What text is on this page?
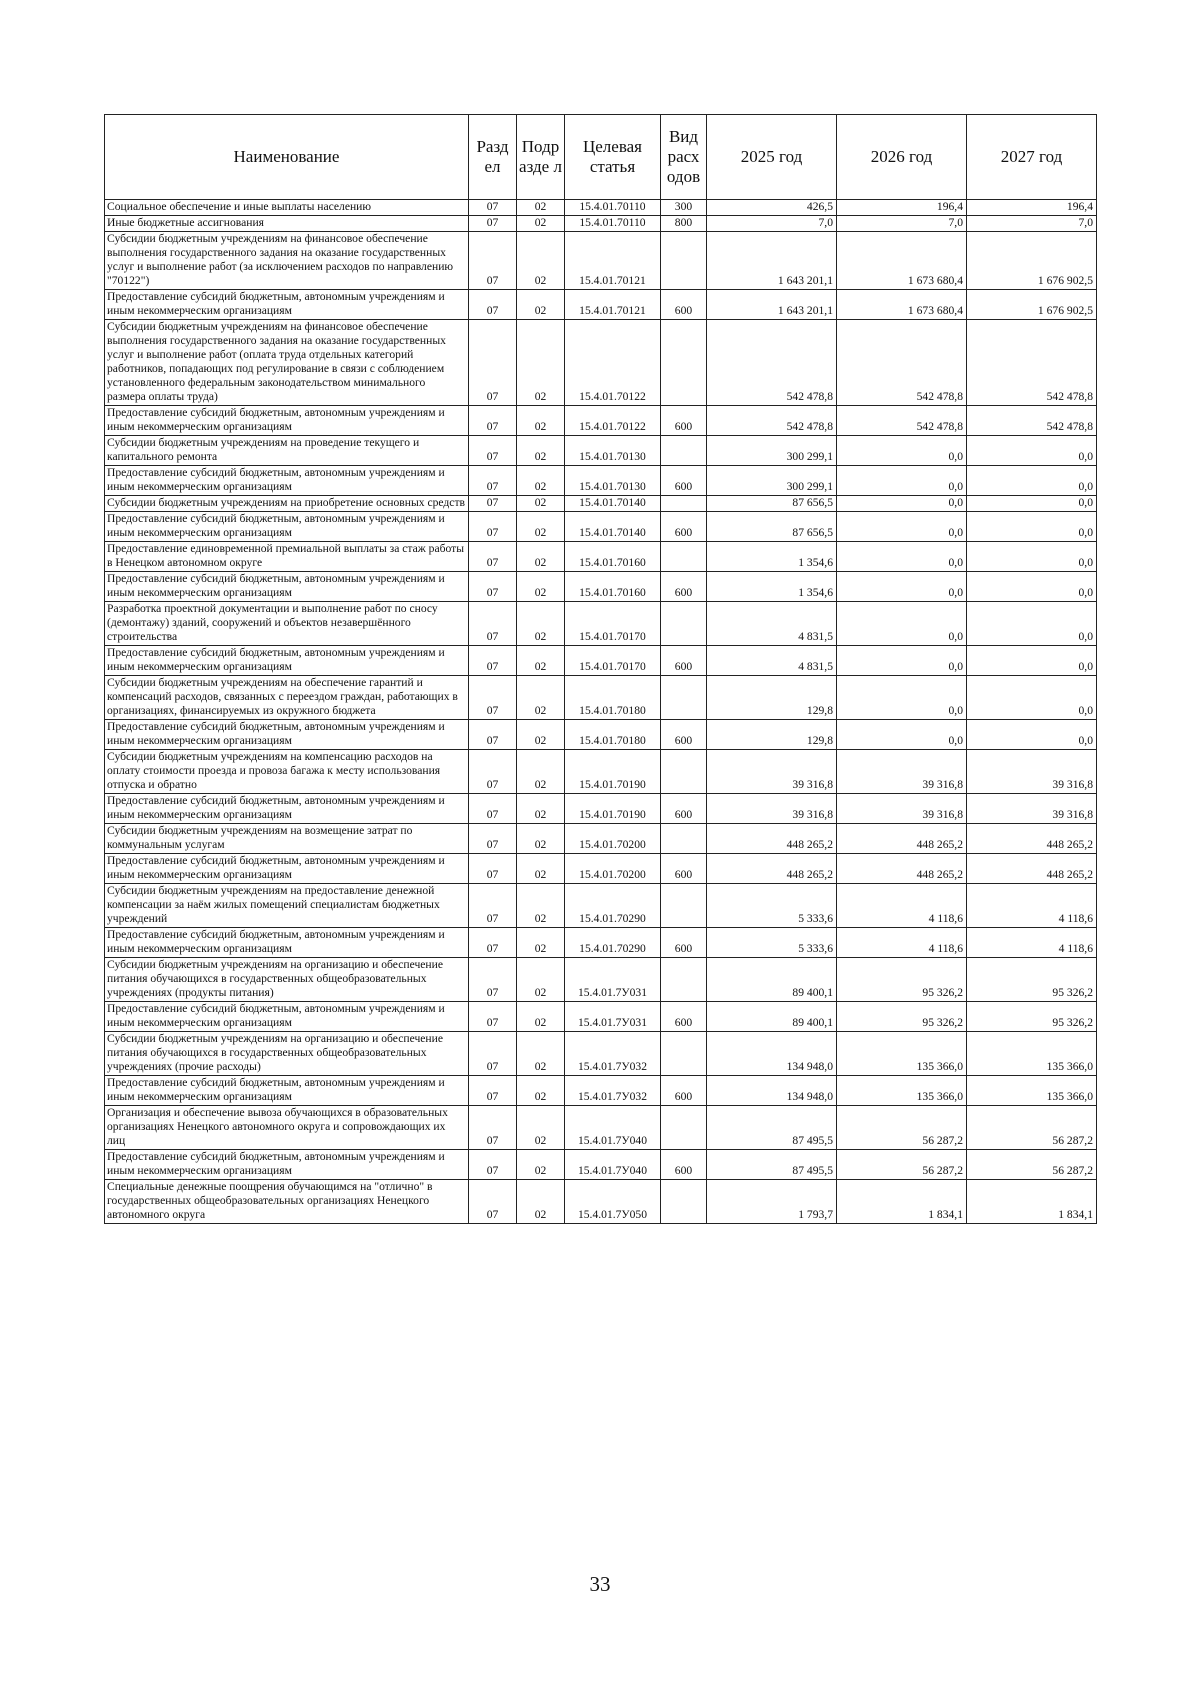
Наименование	Разд ел	Подр азде л	Целевая статья	Вид расх одов	2025 год	2026 год	2027 год
Социальное обеспечение и иные выплаты населению	07	02	15.4.01.70110	300	426,5	196,4	196,4
Иные бюджетные ассигнования	07	02	15.4.01.70110	800	7,0	7,0	7,0
Субсидии бюджетным учреждениям на финансовое обеспечение выполнения государственного задания на оказание государственных услуг и выполнение работ (за исключением расходов по направлению "70122")	07	02	15.4.01.70121		1 643 201,1	1 673 680,4	1 676 902,5
Предоставление субсидий бюджетным, автономным учреждениям и иным некоммерческим организациям	07	02	15.4.01.70121	600	1 643 201,1	1 673 680,4	1 676 902,5
Субсидии бюджетным учреждениям на финансовое обеспечение выполнения государственного задания на оказание государственных услуг и выполнение работ (оплата труда отдельных категорий работников, попадающих под регулирование в связи с соблюдением установленного федеральным законодательством минимального размера оплаты труда)	07	02	15.4.01.70122		542 478,8	542 478,8	542 478,8
Предоставление субсидий бюджетным, автономным учреждениям и иным некоммерческим организациям	07	02	15.4.01.70122	600	542 478,8	542 478,8	542 478,8
Субсидии бюджетным учреждениям на проведение текущего и капитального ремонта	07	02	15.4.01.70130		300 299,1	0,0	0,0
Предоставление субсидий бюджетным, автономным учреждениям и иным некоммерческим организациям	07	02	15.4.01.70130	600	300 299,1	0,0	0,0
Субсидии бюджетным учреждениям на приобретение основных средств	07	02	15.4.01.70140		87 656,5	0,0	0,0
Предоставление субсидий бюджетным, автономным учреждениям и иным некоммерческим организациям	07	02	15.4.01.70140	600	87 656,5	0,0	0,0
Предоставление единовременной премиальной выплаты за стаж работы в Ненецком автономном округе	07	02	15.4.01.70160		1 354,6	0,0	0,0
Предоставление субсидий бюджетным, автономным учреждениям и иным некоммерческим организациям	07	02	15.4.01.70160	600	1 354,6	0,0	0,0
Разработка проектной документации и выполнение работ по сносу (демонтажу) зданий, сооружений и объектов незавершённого строительства	07	02	15.4.01.70170		4 831,5	0,0	0,0
Предоставление субсидий бюджетным, автономным учреждениям и иным некоммерческим организациям	07	02	15.4.01.70170	600	4 831,5	0,0	0,0
Субсидии бюджетным учреждениям на обеспечение гарантий и компенсаций расходов, связанных с переездом граждан, работающих в организациях, финансируемых из окружного бюджета	07	02	15.4.01.70180		129,8	0,0	0,0
Предоставление субсидий бюджетным, автономным учреждениям и иным некоммерческим организациям	07	02	15.4.01.70180	600	129,8	0,0	0,0
Субсидии бюджетным учреждениям на компенсацию расходов на оплату стоимости проезда и провоза багажа к месту использования отпуска и обратно	07	02	15.4.01.70190		39 316,8	39 316,8	39 316,8
Предоставление субсидий бюджетным, автономным учреждениям и иным некоммерческим организациям	07	02	15.4.01.70190	600	39 316,8	39 316,8	39 316,8
Субсидии бюджетным учреждениям на возмещение затрат по коммунальным услугам	07	02	15.4.01.70200		448 265,2	448 265,2	448 265,2
Предоставление субсидий бюджетным, автономным учреждениям и иным некоммерческим организациям	07	02	15.4.01.70200	600	448 265,2	448 265,2	448 265,2
Субсидии бюджетным учреждениям на предоставление денежной компенсации за наём жилых помещений специалистам бюджетных учреждений	07	02	15.4.01.70290		5 333,6	4 118,6	4 118,6
Предоставление субсидий бюджетным, автономным учреждениям и иным некоммерческим организациям	07	02	15.4.01.70290	600	5 333,6	4 118,6	4 118,6
Субсидии бюджетным учреждениям на организацию и обеспечение питания обучающихся в государственных общеобразовательных учреждениях (продукты питания)	07	02	15.4.01.7У031		89 400,1	95 326,2	95 326,2
Предоставление субсидий бюджетным, автономным учреждениям и иным некоммерческим организациям	07	02	15.4.01.7У031	600	89 400,1	95 326,2	95 326,2
Субсидии бюджетным учреждениям на организацию и обеспечение питания обучающихся в государственных общеобразовательных учреждениях (прочие расходы)	07	02	15.4.01.7У032		134 948,0	135 366,0	135 366,0
Предоставление субсидий бюджетным, автономным учреждениям и иным некоммерческим организациям	07	02	15.4.01.7У032	600	134 948,0	135 366,0	135 366,0
Организация и обеспечение вывоза обучающихся в образовательных организациях Ненецкого автономного округа и сопровождающих их лиц	07	02	15.4.01.7У040		87 495,5	56 287,2	56 287,2
Предоставление субсидий бюджетным, автономным учреждениям и иным некоммерческим организациям	07	02	15.4.01.7У040	600	87 495,5	56 287,2	56 287,2
Специальные денежные поощрения обучающимся на "отлично" в государственных общеобразовательных организациях Ненецкого автономного округа	07	02	15.4.01.7У050		1 793,7	1 834,1	1 834,1
33
